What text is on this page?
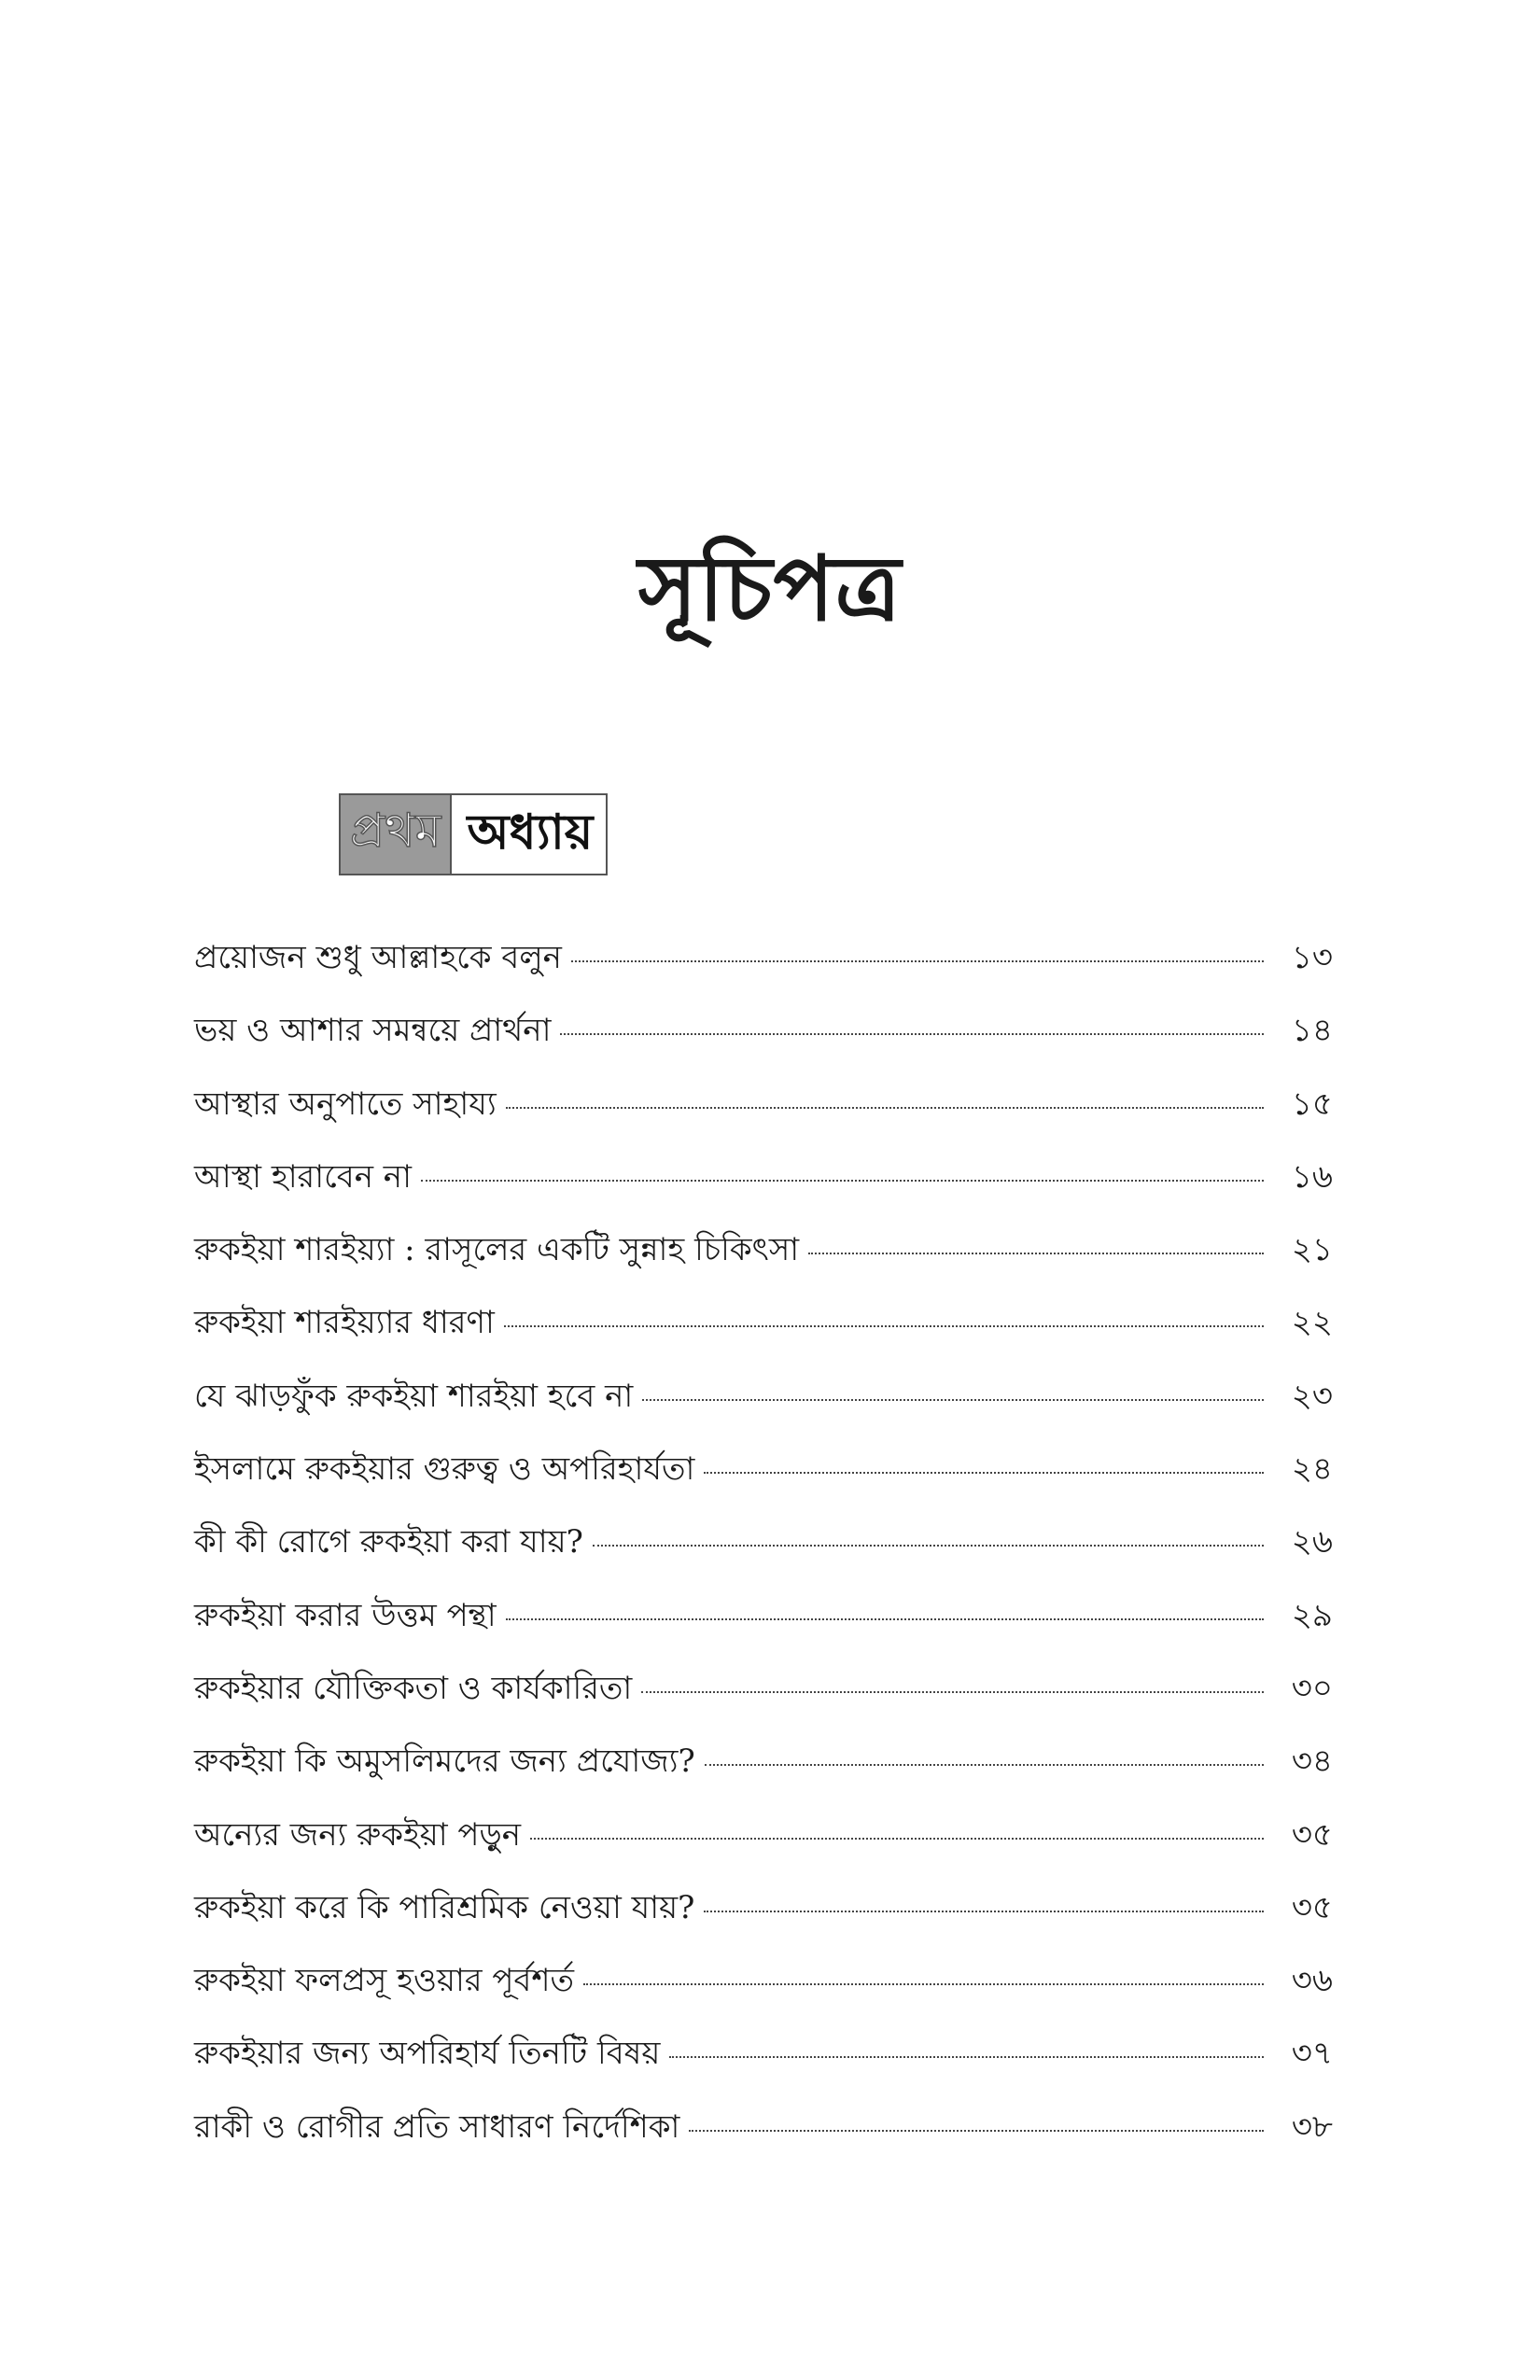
সূচিপত্র
প্রথম অধ্যায়
প্রয়োজন শুধু আল্লাহকে বলুন	১৩
ভয় ও আশার সমন্বয়ে প্রার্থনা	১৪
আস্থার অনুপাতে সাহায্য	১৫
আস্থা হারাবেন না	১৬
রুকইয়া শারইয়্যা : রাসূলের একটি সুন্নাহ চিকিৎসা	২১
রুকইয়া শারইয়্যার ধারণা	২২
যে ঝাড়ফুঁক রুকইয়া শারইয়া হবে না	২৩
ইসলামে রুকইয়ার গুরুত্ব ও অপরিহার্যতা	২৪
কী কী রোগে রুকইয়া করা যায়?	২৬
রুকইয়া করার উত্তম পন্থা	২৯
রুকইয়ার যৌক্তিকতা ও কার্যকারিতা	৩০
রুকইয়া কি অমুসলিমদের জন্য প্রযোজ্য?	৩৪
অন্যের জন্য রুকইয়া পড়ুন	৩৫
রুকইয়া করে কি পারিশ্রমিক নেওয়া যায়?	৩৫
রুকইয়া ফলপ্রসূ হওয়ার পূর্বশর্ত	৩৬
রুকইয়ার জন্য অপরিহার্য তিনটি বিষয়	৩৭
রাকী ও রোগীর প্রতি সাধারণ নির্দেশিকা	৩৮
